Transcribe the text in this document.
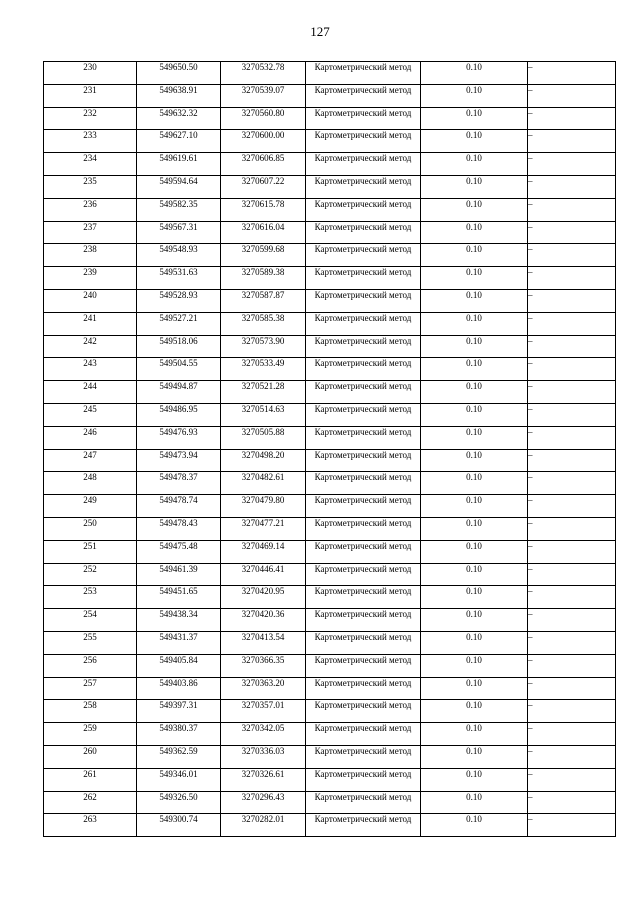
127
230	549650.50	3270532.78	Картометрический метод	0.10	–
231	549638.91	3270539.07	Картометрический метод	0.10	–
232	549632.32	3270560.80	Картометрический метод	0.10	–
233	549627.10	3270600.00	Картометрический метод	0.10	–
234	549619.61	3270606.85	Картометрический метод	0.10	–
235	549594.64	3270607.22	Картометрический метод	0.10	–
236	549582.35	3270615.78	Картометрический метод	0.10	–
237	549567.31	3270616.04	Картометрический метод	0.10	–
238	549548.93	3270599.68	Картометрический метод	0.10	–
239	549531.63	3270589.38	Картометрический метод	0.10	–
240	549528.93	3270587.87	Картометрический метод	0.10	–
241	549527.21	3270585.38	Картометрический метод	0.10	–
242	549518.06	3270573.90	Картометрический метод	0.10	–
243	549504.55	3270533.49	Картометрический метод	0.10	–
244	549494.87	3270521.28	Картометрический метод	0.10	–
245	549486.95	3270514.63	Картометрический метод	0.10	–
246	549476.93	3270505.88	Картометрический метод	0.10	–
247	549473.94	3270498.20	Картометрический метод	0.10	–
248	549478.37	3270482.61	Картометрический метод	0.10	–
249	549478.74	3270479.80	Картометрический метод	0.10	–
250	549478.43	3270477.21	Картометрический метод	0.10	–
251	549475.48	3270469.14	Картометрический метод	0.10	–
252	549461.39	3270446.41	Картометрический метод	0.10	–
253	549451.65	3270420.95	Картометрический метод	0.10	–
254	549438.34	3270420.36	Картометрический метод	0.10	–
255	549431.37	3270413.54	Картометрический метод	0.10	–
256	549405.84	3270366.35	Картометрический метод	0.10	–
257	549403.86	3270363.20	Картометрический метод	0.10	–
258	549397.31	3270357.01	Картометрический метод	0.10	–
259	549380.37	3270342.05	Картометрический метод	0.10	–
260	549362.59	3270336.03	Картометрический метод	0.10	–
261	549346.01	3270326.61	Картометрический метод	0.10	–
262	549326.50	3270296.43	Картометрический метод	0.10	–
263	549300.74	3270282.01	Картометрический метод	0.10	–
